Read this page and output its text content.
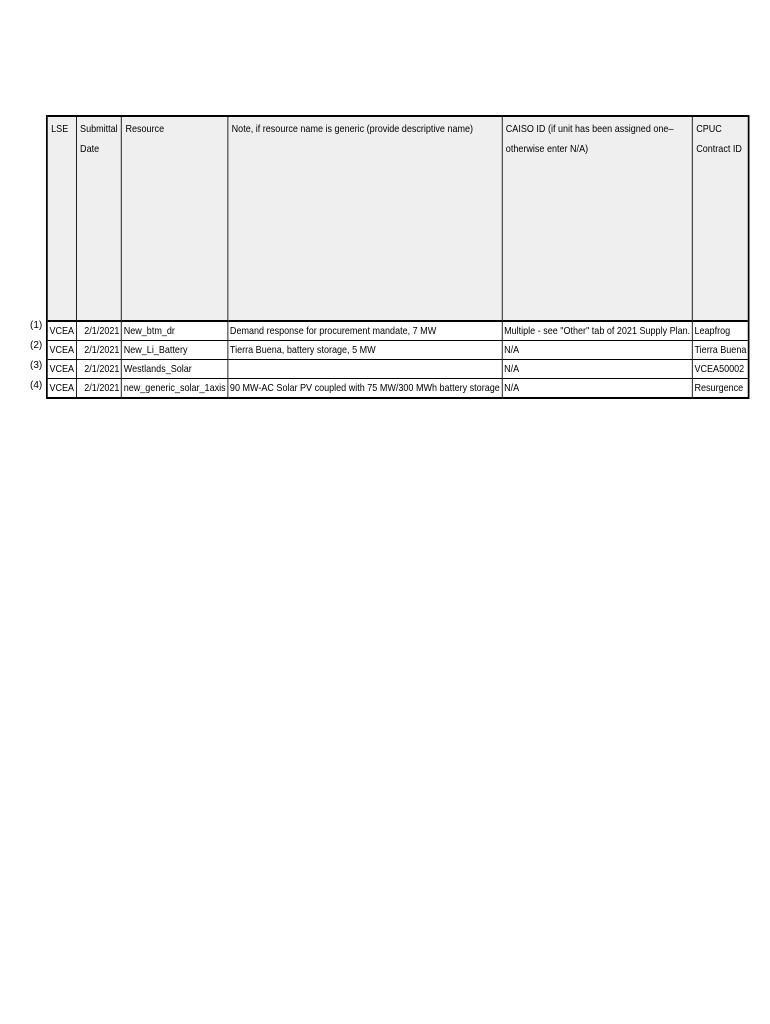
(1)
(2)
(3)
(4)
LSE	Submittal Date	Resource	Note, if resource name is generic (provide descriptive name)	CAISO ID (if unit has been assigned one– otherwise enter N/A)	CPUC Contract ID
VCEA	2/1/2021	New_btm_dr	Demand response for procurement mandate, 7 MW	Multiple - see "Other" tab of 2021 Supply Plan.	Leapfrog
VCEA	2/1/2021	New_Li_Battery	Tierra Buena, battery storage, 5 MW	N/A	Tierra Buena
VCEA	2/1/2021	Westlands_Solar		N/A	VCEA50002
VCEA	2/1/2021	new_generic_solar_1axis	90 MW-AC Solar PV coupled with 75 MW/300 MWh battery storage	N/A	Resurgence
